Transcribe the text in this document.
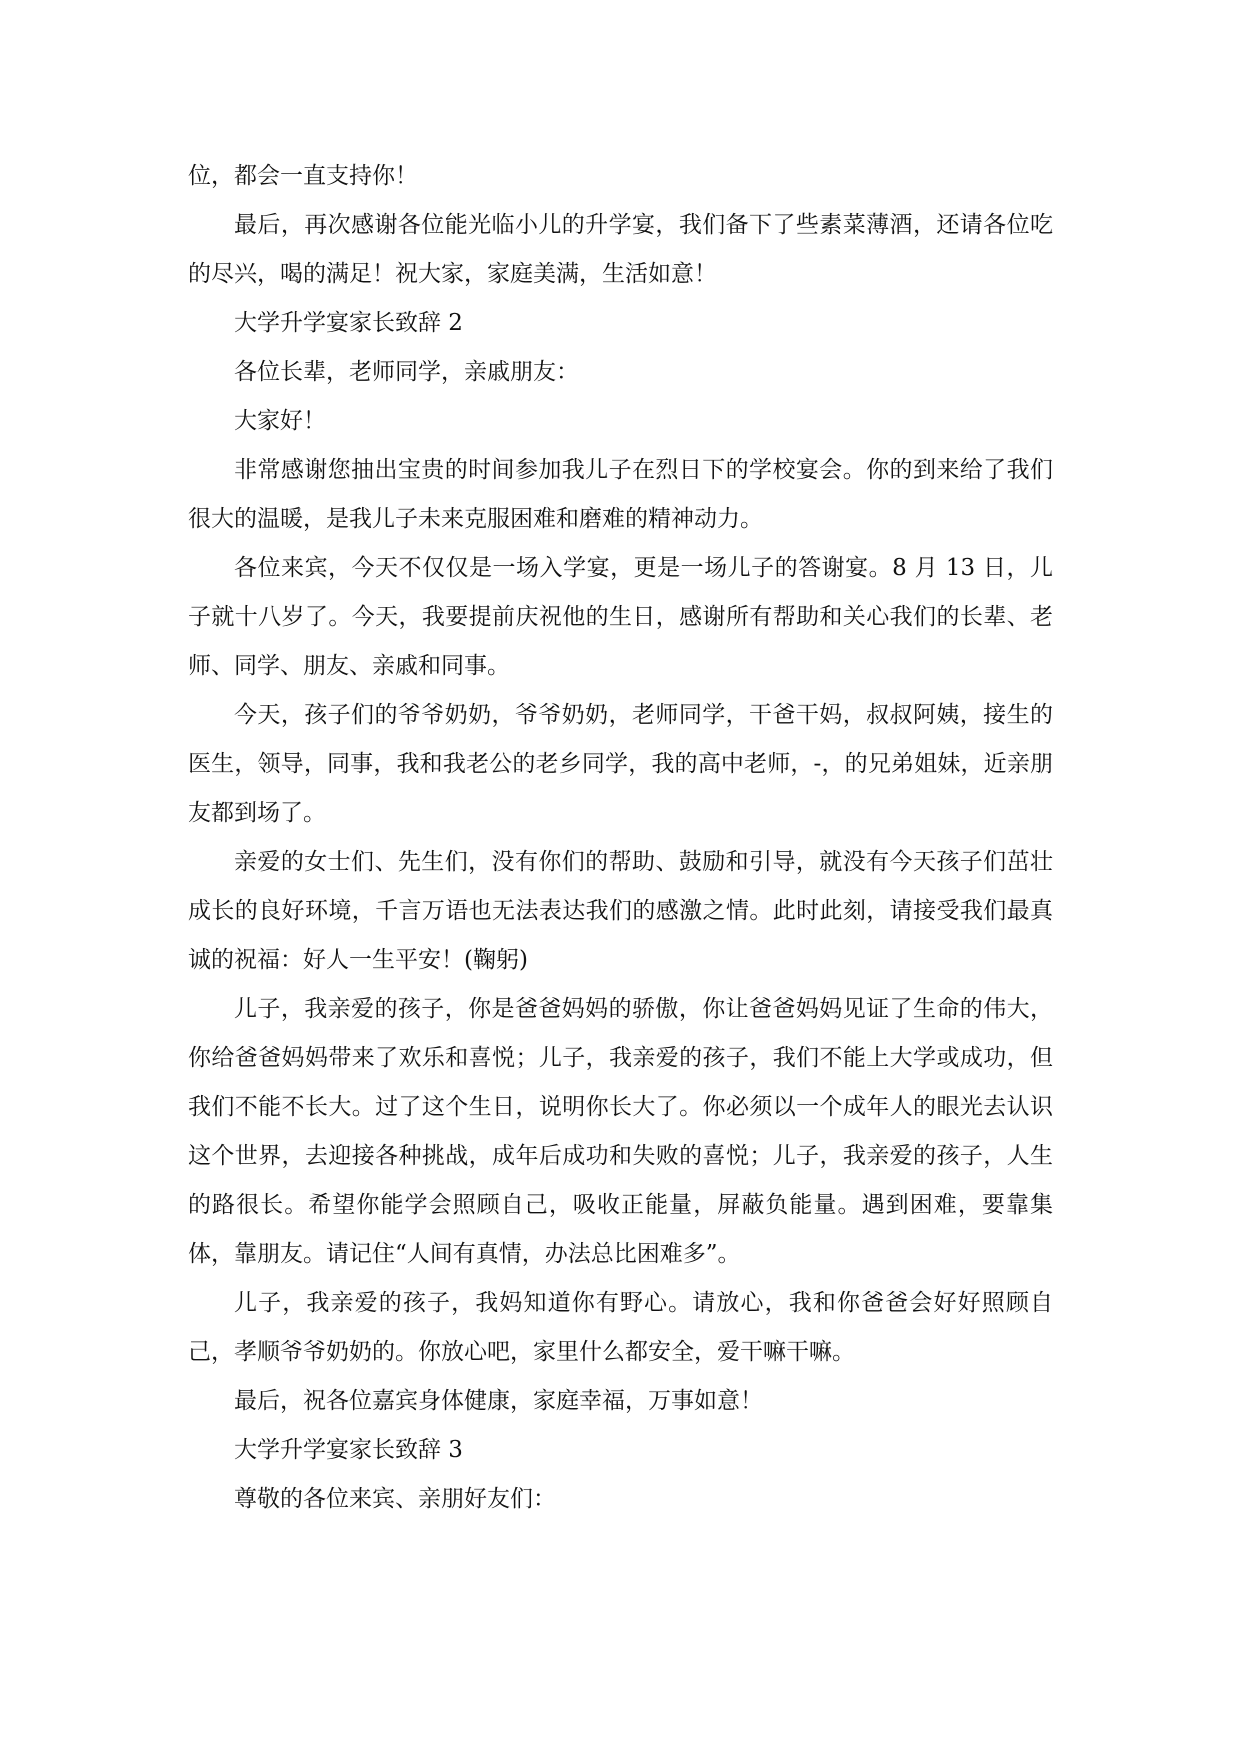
位，都会一直支持你！

最后，再次感谢各位能光临小儿的升学宴，我们备下了些素菜薄酒，还请各位吃的尽兴，喝的满足！祝大家，家庭美满，生活如意！

大学升学宴家长致辞 2

各位长辈，老师同学，亲戚朋友：

大家好！

非常感谢您抽出宝贵的时间参加我儿子在烈日下的学校宴会。你的到来给了我们很大的温暖，是我儿子未来克服困难和磨难的精神动力。

各位来宾，今天不仅仅是一场入学宴，更是一场儿子的答谢宴。8 月 13 日，儿子就十八岁了。今天，我要提前庆祝他的生日，感谢所有帮助和关心我们的长辈、老师、同学、朋友、亲戚和同事。

今天，孩子们的爷爷奶奶，爷爷奶奶，老师同学，干爸干妈，叔叔阿姨，接生的医生，领导，同事，我和我老公的老乡同学，我的高中老师，-，的兄弟姐妹，近亲朋友都到场了。

亲爱的女士们、先生们，没有你们的帮助、鼓励和引导，就没有今天孩子们茁壮成长的良好环境，千言万语也无法表达我们的感激之情。此时此刻，请接受我们最真诚的祝福：好人一生平安！(鞠躬)

儿子，我亲爱的孩子，你是爸爸妈妈的骄傲，你让爸爸妈妈见证了生命的伟大，你给爸爸妈妈带来了欢乐和喜悦；儿子，我亲爱的孩子，我们不能上大学或成功，但我们不能不长大。过了这个生日，说明你长大了。你必须以一个成年人的眼光去认识这个世界，去迎接各种挑战，成年后成功和失败的喜悦；儿子，我亲爱的孩子，人生的路很长。希望你能学会照顾自己，吸收正能量，屏蔽负能量。遇到困难，要靠集体，靠朋友。请记住“人间有真情，办法总比困难多”。

儿子，我亲爱的孩子，我妈知道你有野心。请放心，我和你爸爸会好好照顾自己，孝顺爷爷奶奶的。你放心吧，家里什么都安全，爱干嘛干嘛。

最后，祝各位嘉宾身体健康，家庭幸福，万事如意！

大学升学宴家长致辞 3

尊敬的各位来宾、亲朋好友们：
